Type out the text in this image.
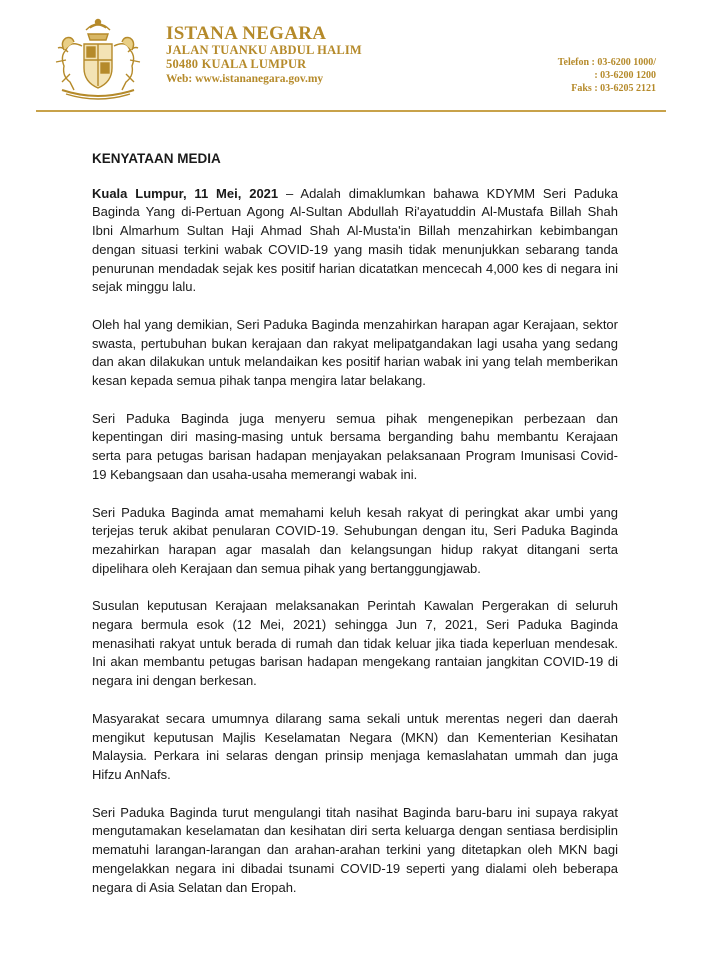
ISTANA NEGARA
JALAN TUANKU ABDUL HALIM
50480 KUALA LUMPUR
Web: www.istananegara.gov.my
Telefon : 03-6200 1000/
: 03-6200 1200
Faks : 03-6205 2121
KENYATAAN MEDIA

Kuala Lumpur, 11 Mei, 2021 – Adalah dimaklumkan bahawa KDYMM Seri Paduka Baginda Yang di-Pertuan Agong Al-Sultan Abdullah Ri'ayatuddin Al-Mustafa Billah Shah Ibni Almarhum Sultan Haji Ahmad Shah Al-Musta'in Billah menzahirkan kebimbangan dengan situasi terkini wabak COVID-19 yang masih tidak menunjukkan sebarang tanda penurunan mendadak sejak kes positif harian dicatatkan mencecah 4,000 kes di negara ini sejak minggu lalu.

Oleh hal yang demikian, Seri Paduka Baginda menzahirkan harapan agar Kerajaan, sektor swasta, pertubuhan bukan kerajaan dan rakyat melipatgandakan lagi usaha yang sedang dan akan dilakukan untuk melandaikan kes positif harian wabak ini yang telah memberikan kesan kepada semua pihak tanpa mengira latar belakang.

Seri Paduka Baginda juga menyeru semua pihak mengenepikan perbezaan dan kepentingan diri masing-masing untuk bersama berganding bahu membantu Kerajaan serta para petugas barisan hadapan menjayakan pelaksanaan Program Imunisasi Covid-19 Kebangsaan dan usaha-usaha memerangi wabak ini.

Seri Paduka Baginda amat memahami keluh kesah rakyat di peringkat akar umbi yang terjejas teruk akibat penularan COVID-19. Sehubungan dengan itu, Seri Paduka Baginda mezahirkan harapan agar masalah dan kelangsungan hidup rakyat ditangani serta dipelihara oleh Kerajaan dan semua pihak yang bertanggungjawab.

Susulan keputusan Kerajaan melaksanakan Perintah Kawalan Pergerakan di seluruh negara bermula esok (12 Mei, 2021) sehingga Jun 7, 2021, Seri Paduka Baginda menasihati rakyat untuk berada di rumah dan tidak keluar jika tiada keperluan mendesak. Ini akan membantu petugas barisan hadapan mengekang rantaian jangkitan COVID-19 di negara ini dengan berkesan.

Masyarakat secara umumnya dilarang sama sekali untuk merentas negeri dan daerah mengikut keputusan Majlis Keselamatan Negara (MKN) dan Kementerian Kesihatan Malaysia. Perkara ini selaras dengan prinsip menjaga kemaslahatan ummah dan juga Hifzu AnNafs.

Seri Paduka Baginda turut mengulangi titah nasihat Baginda baru-baru ini supaya rakyat mengutamakan keselamatan dan kesihatan diri serta keluarga dengan sentiasa berdisiplin mematuhi larangan-larangan dan arahan-arahan terkini yang ditetapkan oleh MKN bagi mengelakkan negara ini dibadai tsunami COVID-19 seperti yang dialami oleh beberapa negara di Asia Selatan dan Eropah.
